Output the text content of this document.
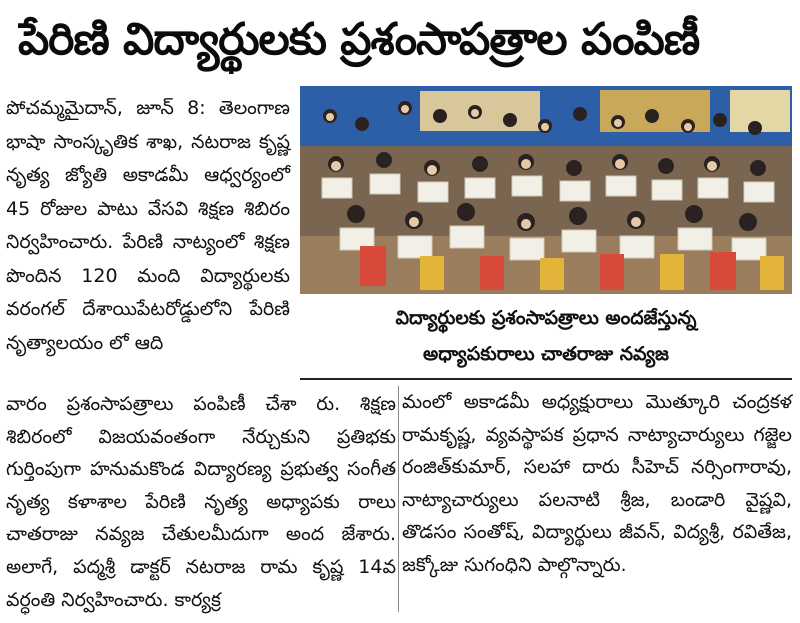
పేరిణి విద్యార్థులకు ప్రశంసాపత్రాల పంపిణీ

పోచమ్మమైదాన్, జూన్ 8: తెలంగాణ భాషా సాంస్కృతిక శాఖ, నటరాజ కృష్ణ నృత్య జ్యోతి అకాడమీ ఆధ్వర్యంలో 45 రోజుల పాటు వేసవి శిక్షణ శిబిరం నిర్వహించారు. పేరిణి నాట్యంలో శిక్షణ పొందిన 120 మంది విద్యార్థులకు వరంగల్ దేశాయిపేటరోడ్డులోని పేరిణి నృత్యాలయం లో ఆది

విద్యార్థులకు ప్రశంసాపత్రాలు అందజేస్తున్న
అధ్యాపకురాలు చాతరాజు నవ్యజ

వారం ప్రశంసాపత్రాలు పంపిణీ చేశా రు. శిక్షణ శిబిరంలో విజయవంతంగా నేర్చుకుని ప్రతిభకు గుర్తింపుగా హనుమకొండ విద్యారణ్య ప్రభుత్వ సంగీత నృత్య కళాశాల పేరిణి నృత్య అధ్యాపకు రాలు చాతరాజు నవ్యజ చేతులమీదుగా అంద జేశారు. అలాగే, పద్మశ్రీ డాక్టర్ నటరాజ రామ కృష్ణ 14వ వర్ధంతి నిర్వహించారు. కార్యక్ర

మంలో అకాడమీ అధ్యక్షురాలు మొత్కూరి చంద్రకళ రామకృష్ణ, వ్యవస్థాపక ప్రధాన నాట్యాచార్యులు గజ్జెల రంజిత్‌కుమార్, సలహా దారు సీహెచ్ నర్సింగారావు, నాట్యాచార్యులు పలనాటి శ్రీజ, బండారి వైష్ణవి, తొడసం సంతోష్, విద్యార్థులు జీవన్, విద్యశ్రీ, రవితేజ, జక్కోజు సుగంధిని పాల్గొన్నారు.
